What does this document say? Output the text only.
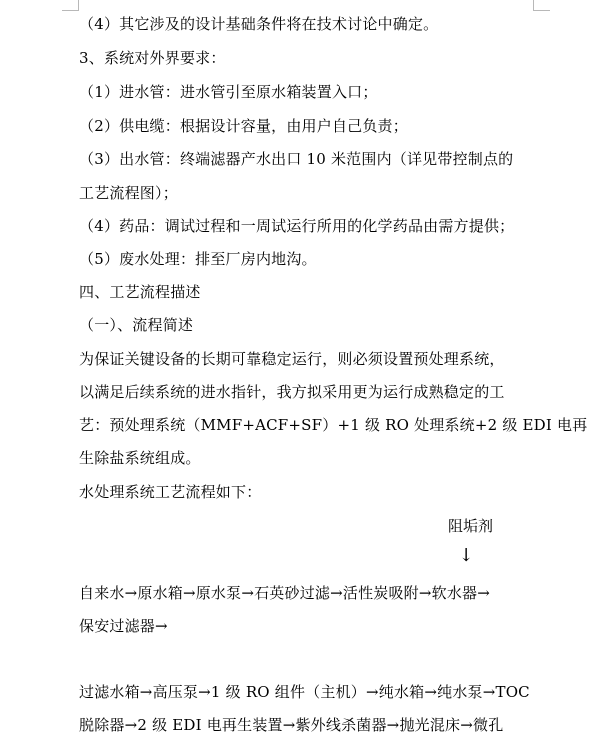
（4）其它涉及的设计基础条件将在技术讨论中确定。
3、系统对外界要求：
（1）进水管：进水管引至原水箱装置入口；
（2）供电缆：根据设计容量，由用户自己负责；
（3）出水管：终端滤器产水出口 10 米范围内（详见带控制点的
工艺流程图）；
（4）药品：调试过程和一周试运行所用的化学药品由需方提供；
（5）废水处理：排至厂房内地沟。
四、工艺流程描述
（一）、流程简述
为保证关键设备的长期可靠稳定运行，则必须设置预处理系统，
以满足后续系统的进水指针，我方拟采用更为运行成熟稳定的工
艺：预处理系统（MMF+ACF+SF）+1 级 RO 处理系统+2 级 EDI 电再
生除盐系统组成。
水处理系统工艺流程如下：
阻垢剂
↓
自来水→原水箱→原水泵→石英砂过滤→活性炭吸附→软水器→
保安过滤器→
过滤水箱→高压泵→1 级 RO 组件（主机）→纯水箱→纯水泵→TOC
脱除器→2 级 EDI 电再生装置→紫外线杀菌器→抛光混床→微孔
